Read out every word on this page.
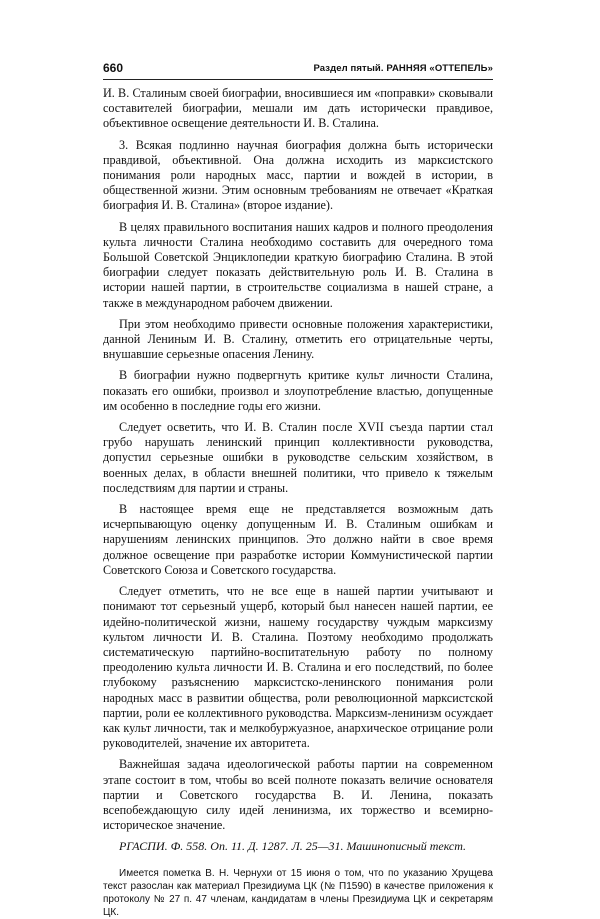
660	Раздел пятый. РАННЯЯ «ОТТЕПЕЛЬ»

И. В. Сталиным своей биографии, вносившиеся им «поправки» сковывали составителей биографии, мешали им дать исторически правдивое, объективное освещение деятельности И. В. Сталина.

3. Всякая подлинно научная биография должна быть исторически правдивой, объективной. Она должна исходить из марксистского понимания роли народных масс, партии и вождей в истории, в общественной жизни. Этим основным требованиям не отвечает «Краткая биография И. В. Сталина» (второе издание).

В целях правильного воспитания наших кадров и полного преодоления культа личности Сталина необходимо составить для очередного тома Большой Советской Энциклопедии краткую биографию Сталина. В этой биографии следует показать действительную роль И. В. Сталина в истории нашей партии, в строительстве социализма в нашей стране, а также в международном рабочем движении.

При этом необходимо привести основные положения характеристики, данной Лениным И. В. Сталину, отметить его отрицательные черты, внушавшие серьезные опасения Ленину.

В биографии нужно подвергнуть критике культ личности Сталина, показать его ошибки, произвол и злоупотребление властью, допущенные им особенно в последние годы его жизни.

Следует осветить, что И. В. Сталин после XVII съезда партии стал грубо нарушать ленинский принцип коллективности руководства, допустил серьезные ошибки в руководстве сельским хозяйством, в военных делах, в области внешней политики, что привело к тяжелым последствиям для партии и страны.

В настоящее время еще не представляется возможным дать исчерпывающую оценку допущенным И. В. Сталиным ошибкам и нарушениям ленинских принципов. Это должно найти в свое время должное освещение при разработке истории Коммунистической партии Советского Союза и Советского государства.

Следует отметить, что не все еще в нашей партии учитывают и понимают тот серьезный ущерб, который был нанесен нашей партии, ее идейно-политической жизни, нашему государству чуждым марксизму культом личности И. В. Сталина. Поэтому необходимо продолжать систематическую партийно-воспитательную работу по полному преодолению культа личности И. В. Сталина и его последствий, по более глубокому разъяснению марксистско-ленинского понимания роли народных масс в развитии общества, роли революционной марксистской партии, роли ее коллективного руководства. Марксизм-ленинизм осуждает как культ личности, так и мелкобуржуазное, анархическое отрицание роли руководителей, значение их авторитета.

Важнейшая задача идеологической работы партии на современном этапе состоит в том, чтобы во всей полноте показать величие основателя партии и Советского государства В. И. Ленина, показать всепобеждающую силу идей ленинизма, их торжество и всемирно-историческое значение.

РГАСПИ. Ф. 558. Оп. 11. Д. 1287. Л. 25—31. Машинописный текст.
Имеется пометка В. Н. Чернухи от 15 июня о том, что по указанию Хрущева текст разослан как материал Президиума ЦК (№ П1590) в качестве приложения к протоколу № 27 п. 47 членам, кандидатам в члены Президиума ЦК и секретарям ЦК.
